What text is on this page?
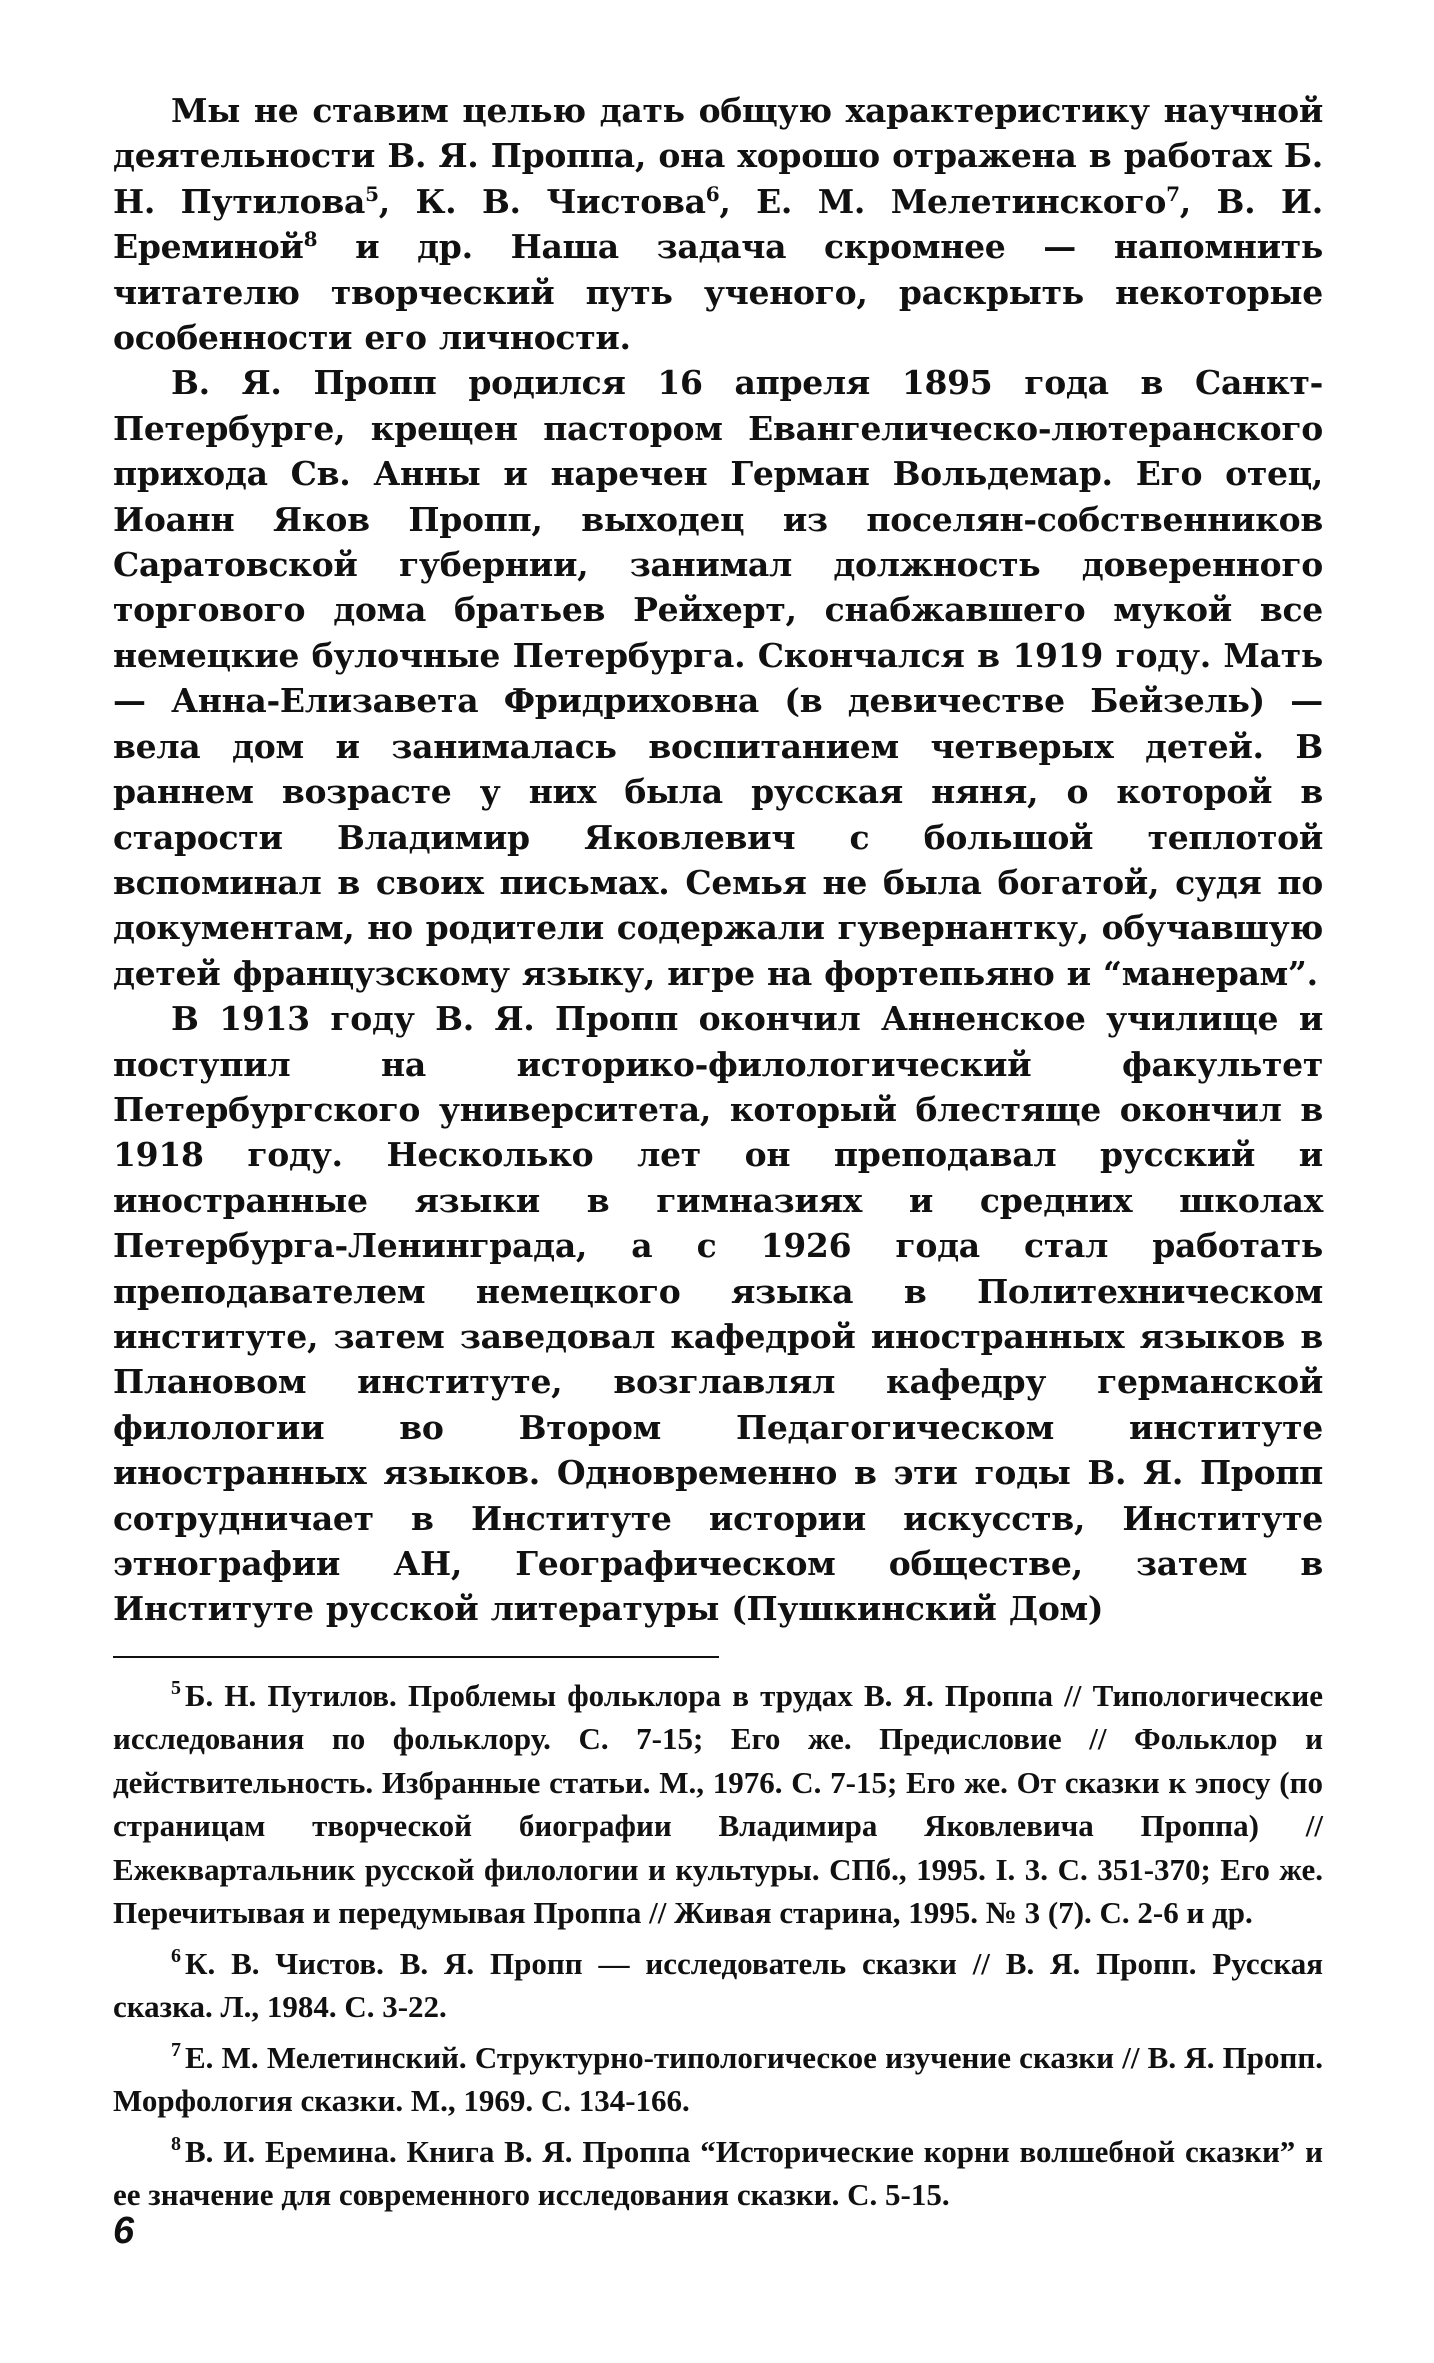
Мы не ставим целью дать общую характеристику научной деятельности В. Я. Проппа, она хорошо отражена в работах Б. Н. Путилова$^5$, К. В. Чистова$^6$, Е. М. Мелетинского$^7$, В. И. Ереминой$^8$ и др. Наша задача скромнее — напомнить читателю творческий путь ученого, раскрыть некоторые особенности его личности.

В. Я. Пропп родился 16 апреля 1895 года в Санкт-Петербурге, крещен пастором Евангелическо-лютеранского прихода Св. Анны и наречен Герман Вольдемар. Его отец, Иоанн Яков Пропп, выходец из поселян-собственников Саратовской губернии, занимал должность доверенного торгового дома братьев Рейхерт, снабжавшего мукой все немецкие булочные Петербурга. Скончался в 1919 году. Мать — Анна-Елизавета Фридриховна (в девичестве Бейзель) — вела дом и занималась воспитанием четверых детей. В раннем возрасте у них была русская няня, о которой в старости Владимир Яковлевич с большой теплотой вспоминал в своих письмах. Семья не была богатой, судя по документам, но родители содержали гувернантку, обучавшую детей французскому языку, игре на фортепьяно и “манерам”.

В 1913 году В. Я. Пропп окончил Анненское училище и поступил на историко-филологический факультет Петербургского университета, который блестяще окончил в 1918 году. Несколько лет он преподавал русский и иностранные языки в гимназиях и средних школах Петербурга-Ленинграда, а с 1926 года стал работать преподавателем немецкого языка в Политехническом институте, затем заведовал кафедрой иностранных языков в Плановом институте, возглавлял кафедру германской филологии во Втором Педагогическом институте иностранных языков. Одновременно в эти годы В. Я. Пропп сотрудничает в Институте истории искусств, Институте этнографии АН, Географическом обществе, затем в Институте русской литературы (Пушкинский Дом)

$^5$ Б. Н. Путилов. Проблемы фольклора в трудах В. Я. Проппа // Типологические исследования по фольклору. С. 7-15; Его же. Предисловие // Фольклор и действительность. Избранные статьи. М., 1976. С. 7-15; Его же. От сказки к эпосу (по страницам творческой биографии Владимира Яковлевича Проппа) // Ежеквартальник русской филологии и культуры. СПб., 1995. I. 3. С. 351-370; Его же. Перечитывая и передумывая Проппа // Живая старина, 1995. № 3 (7). С. 2-6 и др.

$^6$ К. В. Чистов. В. Я. Пропп — исследователь сказки // В. Я. Пропп. Русская сказка. Л., 1984. С. 3-22.

$^7$ Е. М. Мелетинский. Структурно-типологическое изучение сказки // В. Я. Пропп. Морфология сказки. М., 1969. С. 134-166.

$^8$ В. И. Еремина. Книга В. Я. Проппа “Исторические корни волшебной сказки” и ее значение для современного исследования сказки. С. 5-15.

6
